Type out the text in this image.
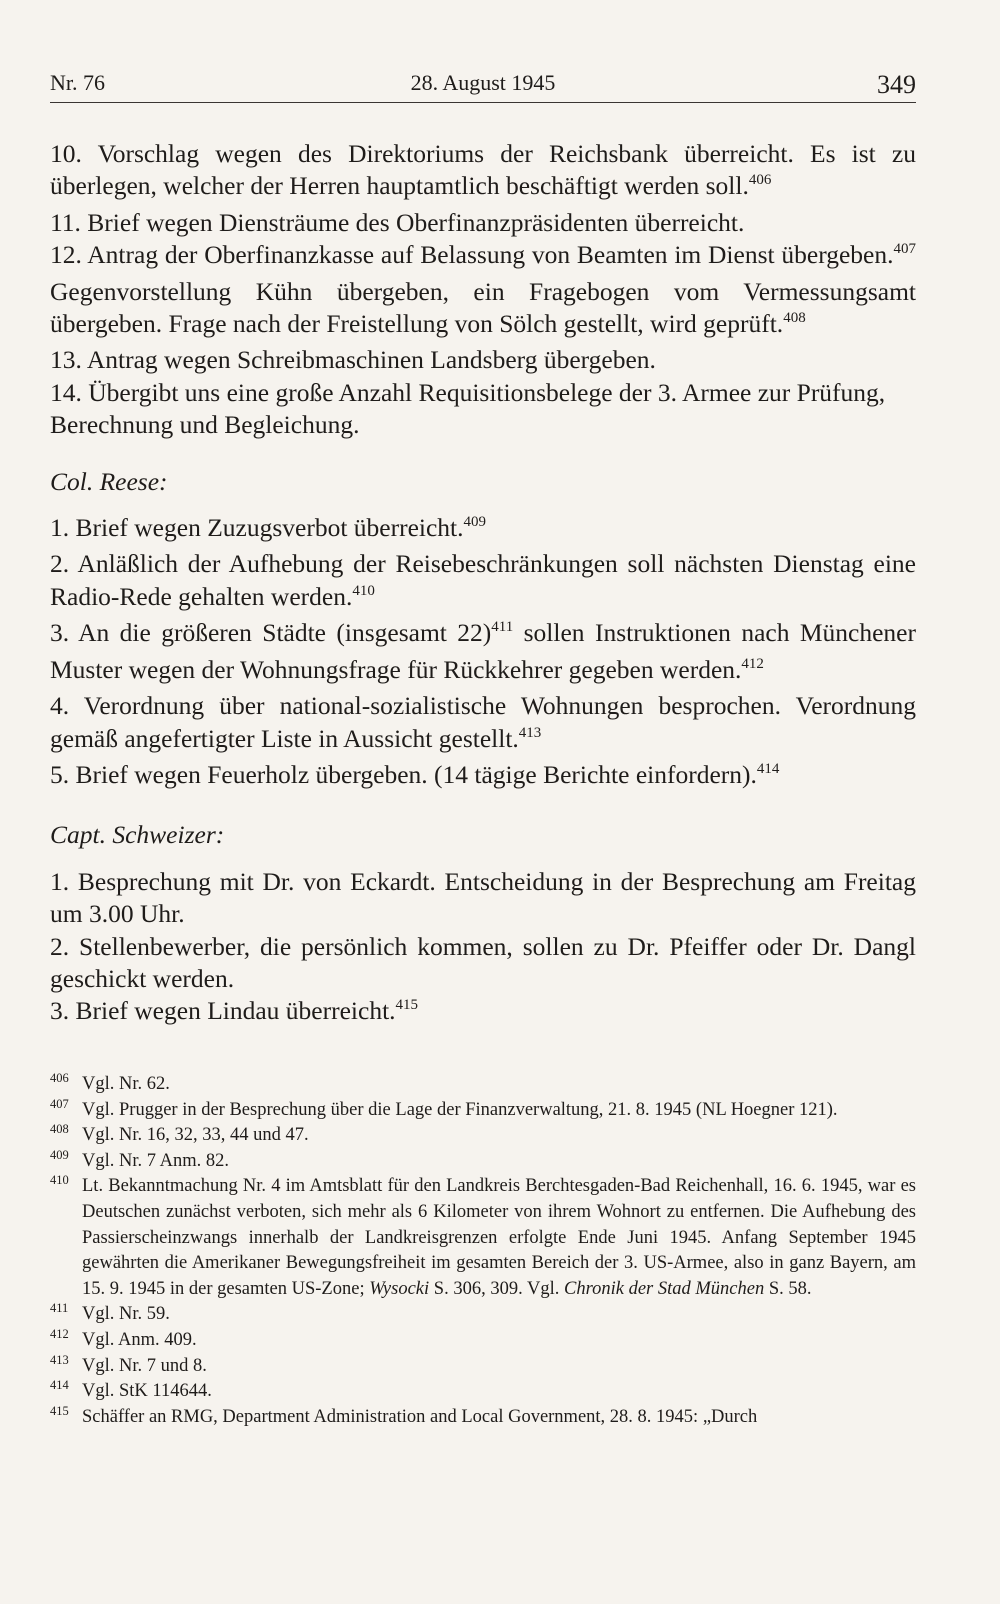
Nr. 76	28. August 1945	349

10. Vorschlag wegen des Direktoriums der Reichsbank überreicht. Es ist zu überlegen, welcher der Herren hauptamtlich beschäftigt werden soll.$^{406}$

11. Brief wegen Diensträume des Oberfinanzpräsidenten überreicht.

12. Antrag der Oberfinanzkasse auf Belassung von Beamten im Dienst übergeben.$^{407}$ Gegenvorstellung Kühn übergeben, ein Fragebogen vom Vermessungsamt übergeben. Frage nach der Freistellung von Sölch gestellt, wird geprüft.$^{408}$

13. Antrag wegen Schreibmaschinen Landsberg übergeben.

14. Übergibt uns eine große Anzahl Requisitionsbelege der 3. Armee zur Prüfung, Berechnung und Begleichung.

Col. Reese:

1. Brief wegen Zuzugsverbot überreicht.$^{409}$

2. Anläßlich der Aufhebung der Reisebeschränkungen soll nächsten Dienstag eine Radio-Rede gehalten werden.$^{410}$

3. An die größeren Städte (insgesamt 22)$^{411}$ sollen Instruktionen nach Münchener Muster wegen der Wohnungsfrage für Rückkehrer gegeben werden.$^{412}$

4. Verordnung über national-sozialistische Wohnungen besprochen. Verordnung gemäß angefertigter Liste in Aussicht gestellt.$^{413}$

5. Brief wegen Feuerholz übergeben. (14 tägige Berichte einfordern).$^{414}$

Capt. Schweizer:

1. Besprechung mit Dr. von Eckardt. Entscheidung in der Besprechung am Freitag um 3.00 Uhr.

2. Stellenbewerber, die persönlich kommen, sollen zu Dr. Pfeiffer oder Dr. Dangl geschickt werden.

3. Brief wegen Lindau überreicht.$^{415}$

406 Vgl. Nr. 62.
407 Vgl. Prugger in der Besprechung über die Lage der Finanzverwaltung, 21. 8. 1945 (NL Hoegner 121).
408 Vgl. Nr. 16, 32, 33, 44 und 47.
409 Vgl. Nr. 7 Anm. 82.
410 Lt. Bekanntmachung Nr. 4 im Amtsblatt für den Landkreis Berchtesgaden-Bad Reichenhall, 16. 6. 1945, war es Deutschen zunächst verboten, sich mehr als 6 Kilometer von ihrem Wohnort zu entfernen. Die Aufhebung des Passierscheinzwangs innerhalb der Landkreisgrenzen erfolgte Ende Juni 1945. Anfang September 1945 gewährten die Amerikaner Bewegungsfreiheit im gesamten Bereich der 3. US-Armee, also in ganz Bayern, am 15. 9. 1945 in der gesamten US-Zone; Wysocki S. 306, 309. Vgl. Chronik der Stad München S. 58.
411 Vgl. Nr. 59.
412 Vgl. Anm. 409.
413 Vgl. Nr. 7 und 8.
414 Vgl. StK 114644.
415 Schäffer an RMG, Department Administration and Local Government, 28. 8. 1945: „Durch
